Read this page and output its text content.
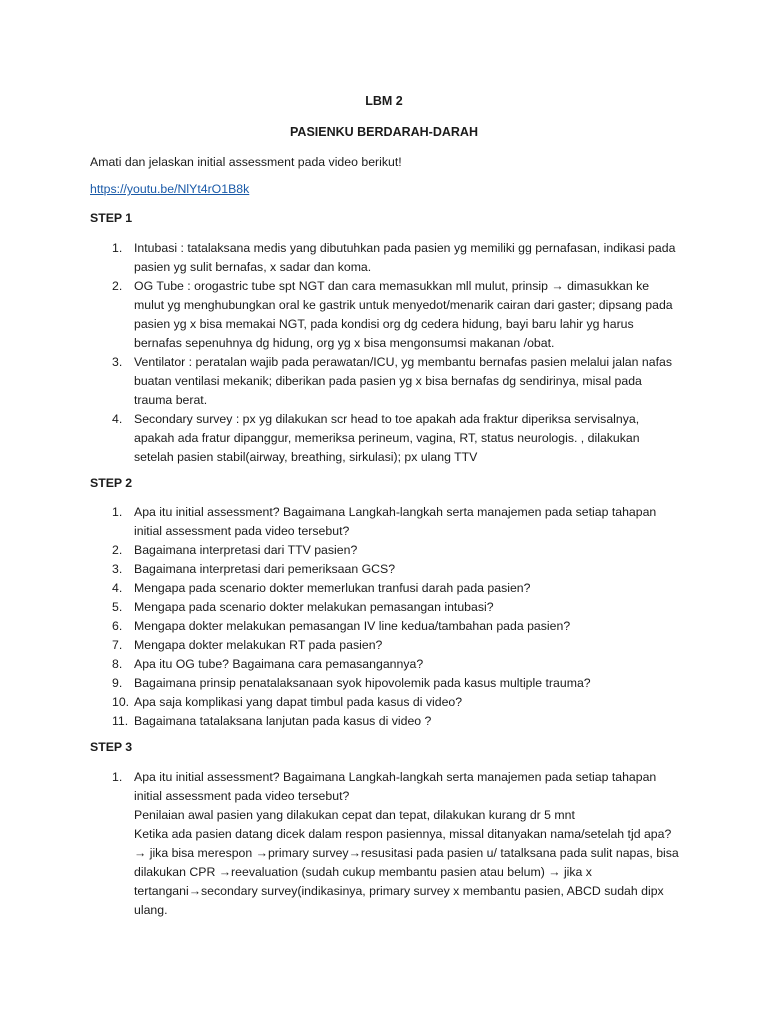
LBM 2
PASIENKU BERDARAH-DARAH
Amati dan jelaskan initial assessment pada video berikut!
https://youtu.be/NlYt4rO1B8k
STEP 1
1. Intubasi : tatalaksana medis yang dibutuhkan pada pasien yg memiliki gg pernafasan, indikasi pada pasien yg sulit bernafas, x sadar dan koma.
2. OG Tube : orogastric tube spt NGT dan cara memasukkan mll mulut, prinsip → dimasukkan ke mulut yg menghubungkan oral ke gastrik untuk menyedot/menarik cairan dari gaster; dipsang pada pasien yg x bisa memakai NGT, pada kondisi org dg cedera hidung, bayi baru lahir yg harus bernafas sepenuhnya dg hidung, org yg x bisa mengonsumsi makanan /obat.
3. Ventilator : peratalan wajib pada perawatan/ICU, yg membantu bernafas pasien melalui jalan nafas buatan ventilasi mekanik; diberikan pada pasien yg x bisa bernafas dg sendirinya, misal pada trauma berat.
4. Secondary survey : px yg dilakukan scr head to toe apakah ada fraktur diperiksa servisalnya, apakah ada fratur dipanggur, memeriksa perineum, vagina, RT, status neurologis. , dilakukan setelah pasien stabil(airway, breathing, sirkulasi); px ulang TTV
STEP 2
1. Apa itu initial assessment? Bagaimana Langkah-langkah serta manajemen pada setiap tahapan initial assessment pada video tersebut?
2. Bagaimana interpretasi dari TTV pasien?
3. Bagaimana interpretasi dari pemeriksaan GCS?
4. Mengapa pada scenario dokter memerlukan tranfusi darah pada pasien?
5. Mengapa pada scenario dokter melakukan pemasangan intubasi?
6. Mengapa dokter melakukan pemasangan IV line kedua/tambahan pada pasien?
7. Mengapa dokter melakukan RT pada pasien?
8. Apa itu OG tube? Bagaimana cara pemasangannya?
9. Bagaimana prinsip penatalaksanaan syok hipovolemik pada kasus multiple trauma?
10. Apa saja komplikasi yang dapat timbul pada kasus di video?
11. Bagaimana tatalaksana lanjutan pada kasus di video ?
STEP 3
1. Apa itu initial assessment? Bagaimana Langkah-langkah serta manajemen pada setiap tahapan initial assessment pada video tersebut?
Penilaian awal pasien yang dilakukan cepat dan tepat, dilakukan kurang dr 5 mnt
Ketika ada pasien datang dicek dalam respon pasiennya, missal ditanyakan nama/setelah tjd apa? → jika bisa merespon →primary survey→resusitasi pada pasien u/ tatalksana pada sulit napas, bisa dilakukan CPR →reevaluation (sudah cukup membantu pasien atau belum) → jika x tertangani→secondary survey(indikasinya, primary survey x membantu pasien, ABCD sudah dipx ulang.
